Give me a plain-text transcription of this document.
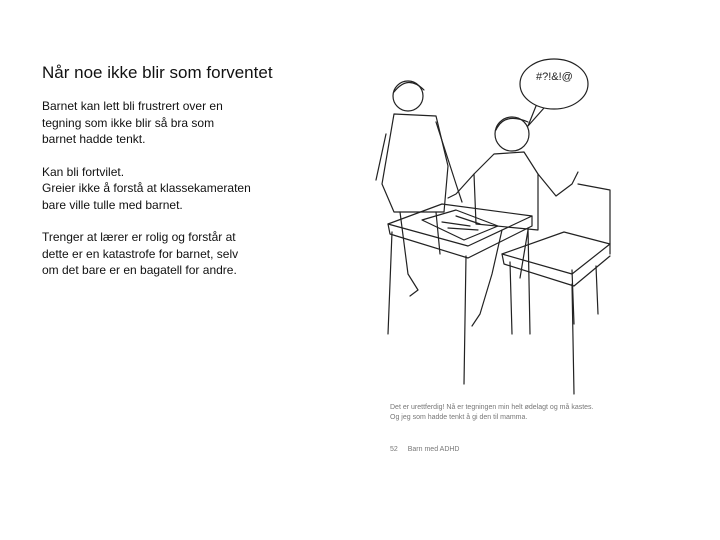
Når noe ikke blir som forventet

Barnet kan lett bli frustrert over en
tegning som ikke blir så bra som
barnet hadde tenkt.

Kan bli fortvilet.
Greier ikke å forstå at klassekameraten
bare ville tulle med barnet.

Trenger at lærer er rolig og forstår at
dette er en katastrofe for barnet, selv
om det bare er en bagatell for andre.

#?!&!@
Det er urettferdig! Nå er tegningen min helt ødelagt og må kastes.
Og jeg som hadde tenkt å gi den til mamma.
52 Barn med ADHD
